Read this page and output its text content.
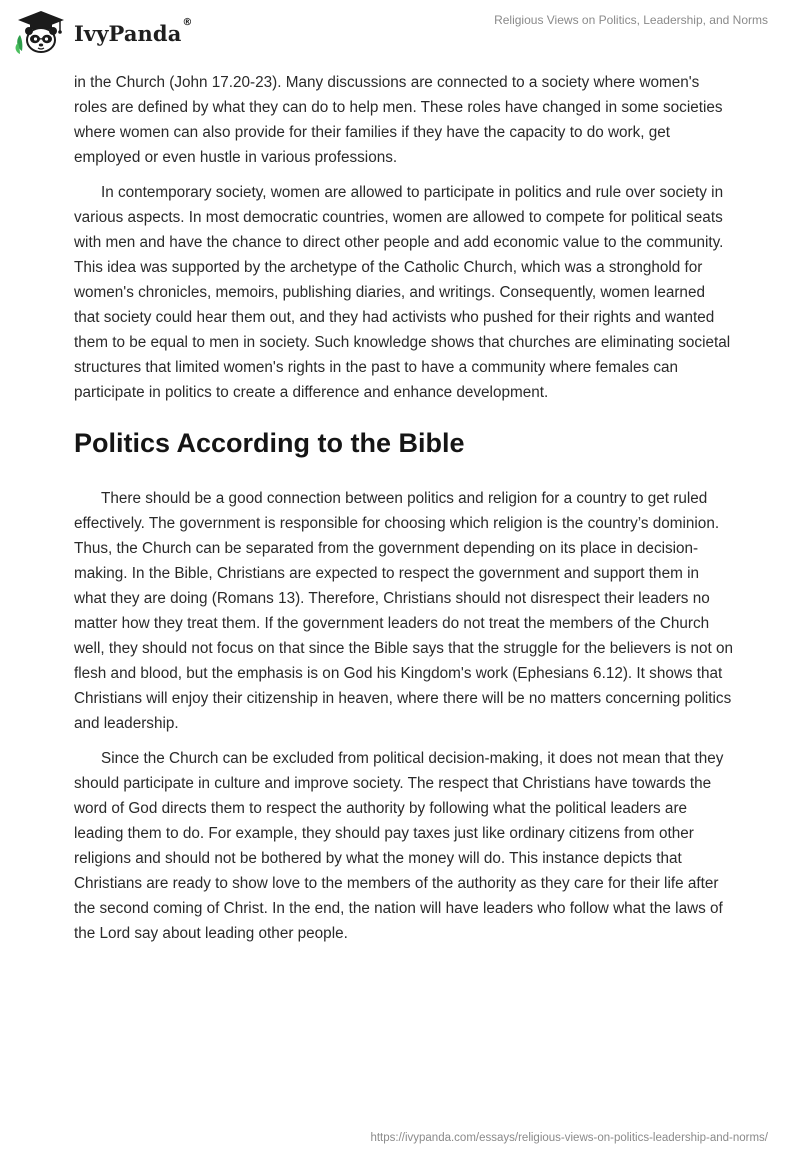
IvyPanda®	Religious Views on Politics, Leadership, and Norms

in the Church (John 17.20-23). Many discussions are connected to a society where women's roles are defined by what they can do to help men. These roles have changed in some societies where women can also provide for their families if they have the capacity to do work, get employed or even hustle in various professions.

In contemporary society, women are allowed to participate in politics and rule over society in various aspects. In most democratic countries, women are allowed to compete for political seats with men and have the chance to direct other people and add economic value to the community. This idea was supported by the archetype of the Catholic Church, which was a stronghold for women's chronicles, memoirs, publishing diaries, and writings. Consequently, women learned that society could hear them out, and they had activists who pushed for their rights and wanted them to be equal to men in society. Such knowledge shows that churches are eliminating societal structures that limited women's rights in the past to have a community where females can participate in politics to create a difference and enhance development.

Politics According to the Bible

There should be a good connection between politics and religion for a country to get ruled effectively. The government is responsible for choosing which religion is the country’s dominion. Thus, the Church can be separated from the government depending on its place in decision-making. In the Bible, Christians are expected to respect the government and support them in what they are doing (Romans 13). Therefore, Christians should not disrespect their leaders no matter how they treat them. If the government leaders do not treat the members of the Church well, they should not focus on that since the Bible says that the struggle for the believers is not on flesh and blood, but the emphasis is on God his Kingdom's work (Ephesians 6.12). It shows that Christians will enjoy their citizenship in heaven, where there will be no matters concerning politics and leadership.

Since the Church can be excluded from political decision-making, it does not mean that they should participate in culture and improve society. The respect that Christians have towards the word of God directs them to respect the authority by following what the political leaders are leading them to do. For example, they should pay taxes just like ordinary citizens from other religions and should not be bothered by what the money will do. This instance depicts that Christians are ready to show love to the members of the authority as they care for their life after the second coming of Christ. In the end, the nation will have leaders who follow what the laws of the Lord say about leading other people.

https://ivypanda.com/essays/religious-views-on-politics-leadership-and-norms/
